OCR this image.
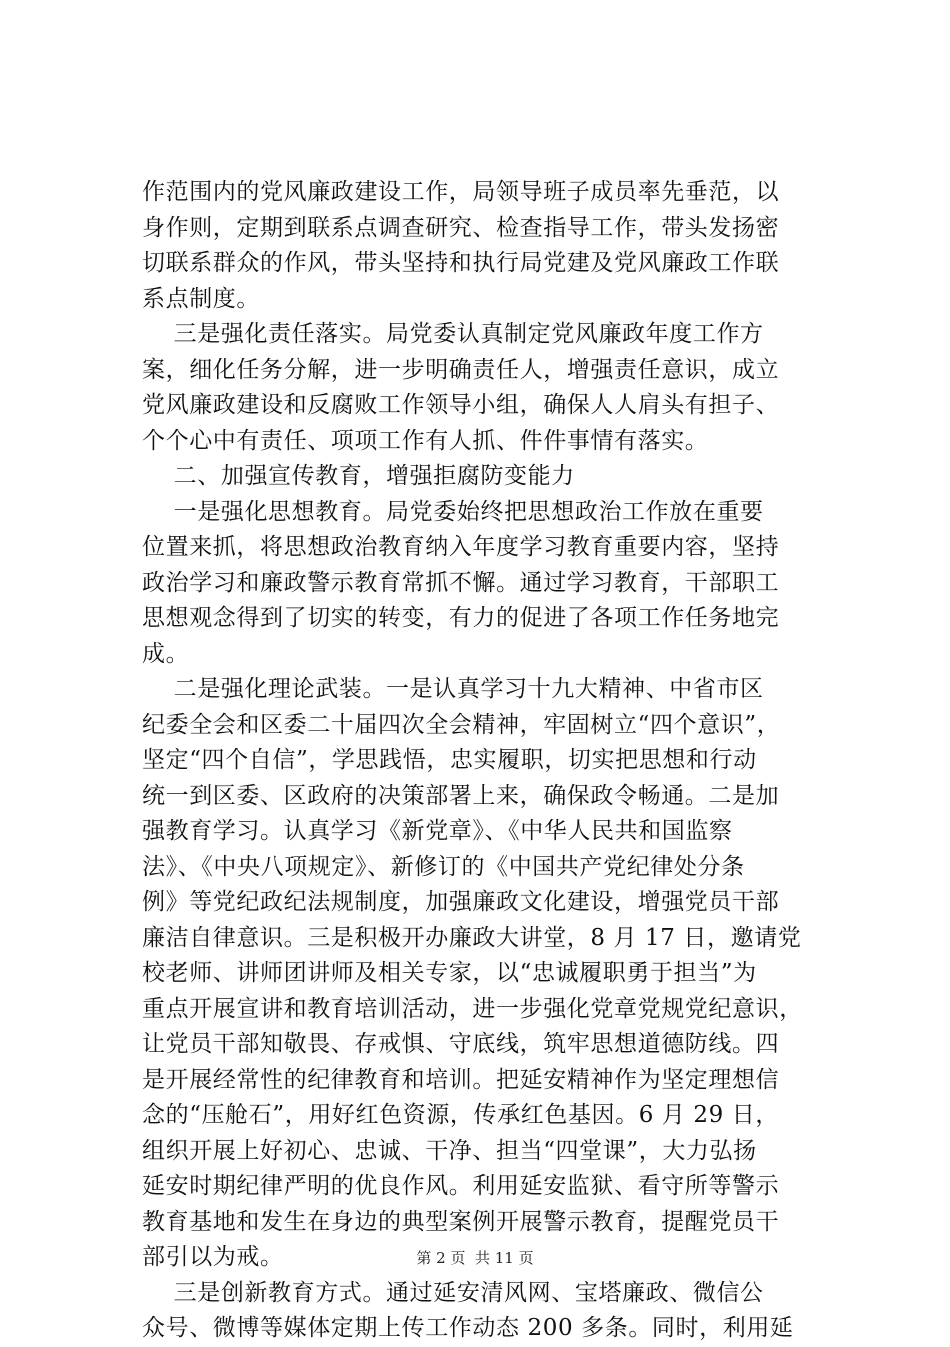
作范围内的党风廉政建设工作，局领导班子成员率先垂范，以
身作则，定期到联系点调查研究、检查指导工作，带头发扬密
切联系群众的作风，带头坚持和执行局党建及党风廉政工作联
系点制度。
三是强化责任落实。局党委认真制定党风廉政年度工作方
案，细化任务分解，进一步明确责任人，增强责任意识，成立
党风廉政建设和反腐败工作领导小组，确保人人肩头有担子、
个个心中有责任、项项工作有人抓、件件事情有落实。
二、加强宣传教育，增强拒腐防变能力
一是强化思想教育。局党委始终把思想政治工作放在重要
位置来抓，将思想政治教育纳入年度学习教育重要内容，坚持
政治学习和廉政警示教育常抓不懈。通过学习教育，干部职工
思想观念得到了切实的转变，有力的促进了各项工作任务地完
成。
二是强化理论武装。一是认真学习十九大精神、中省市区
纪委全会和区委二十届四次全会精神，牢固树立“四个意识”，
坚定“四个自信”，学思践悟，忠实履职，切实把思想和行动
统一到区委、区政府的决策部署上来，确保政令畅通。二是加
强教育学习。认真学习《新党章》、《中华人民共和国监察
法》、《中央八项规定》、新修订的《中国共产党纪律处分条
例》等党纪政纪法规制度，加强廉政文化建设，增强党员干部
廉洁自律意识。三是积极开办廉政大讲堂，8 月 17 日，邀请党
校老师、讲师团讲师及相关专家，以“忠诚履职勇于担当”为
重点开展宣讲和教育培训活动，进一步强化党章党规党纪意识，
让党员干部知敬畏、存戒惧、守底线，筑牢思想道德防线。四
是开展经常性的纪律教育和培训。把延安精神作为坚定理想信
念的“压舱石”，用好红色资源，传承红色基因。6 月 29 日，
组织开展上好初心、忠诚、干净、担当“四堂课”，大力弘扬
延安时期纪律严明的优良作风。利用延安监狱、看守所等警示
教育基地和发生在身边的典型案例开展警示教育，提醒党员干
部引以为戒。
三是创新教育方式。通过延安清风网、宝塔廉政、微信公
众号、微博等媒体定期上传工作动态 200 多条。同时，利用延
第 2 页  共 11 页
